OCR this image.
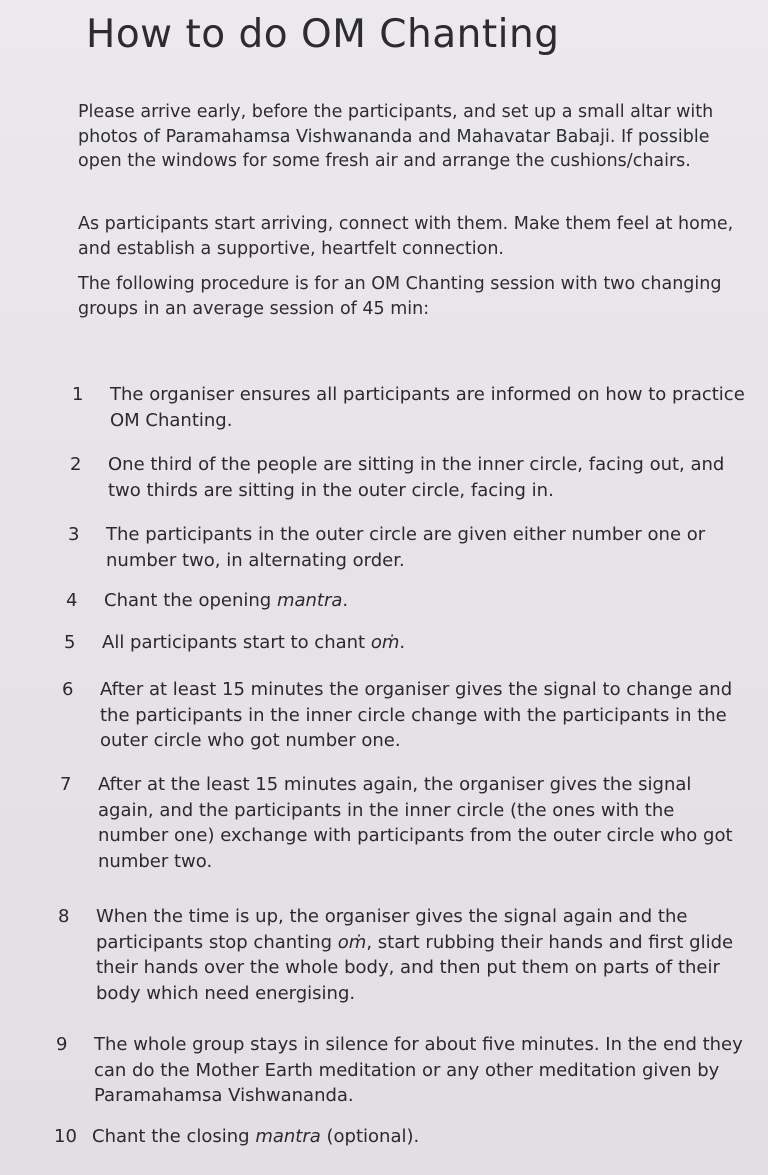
How to do OM Chanting
Please arrive early, before the participants, and set up a small altar with photos of Paramahamsa Vishwananda and Mahavatar Babaji. If possible open the windows for some fresh air and arrange the cushions/chairs.
As participants start arriving, connect with them. Make them feel at home, and establish a supportive, heartfelt connection.
The following procedure is for an OM Chanting session with two changing groups in an average session of 45 min:
1	The organiser ensures all participants are informed on how to practice OM Chanting.
2	One third of the people are sitting in the inner circle, facing out, and two thirds are sitting in the outer circle, facing in.
3	The participants in the outer circle are given either number one or number two, in alternating order.
4	Chant the opening mantra.
5	All participants start to chant oṁ.
6	After at least 15 minutes the organiser gives the signal to change and the participants in the inner circle change with the participants in the outer circle who got number one.
7	After at the least 15 minutes again, the organiser gives the signal again, and the participants in the inner circle (the ones with the number one) exchange with participants from the outer circle who got number two.
8	When the time is up, the organiser gives the signal again and the participants stop chanting oṁ, start rubbing their hands and first glide their hands over the whole body, and then put them on parts of their body which need energising.
9	The whole group stays in silence for about five minutes. In the end they can do the Mother Earth meditation or any other meditation given by Paramahamsa Vishwananda.
10 Chant the closing mantra (optional).
